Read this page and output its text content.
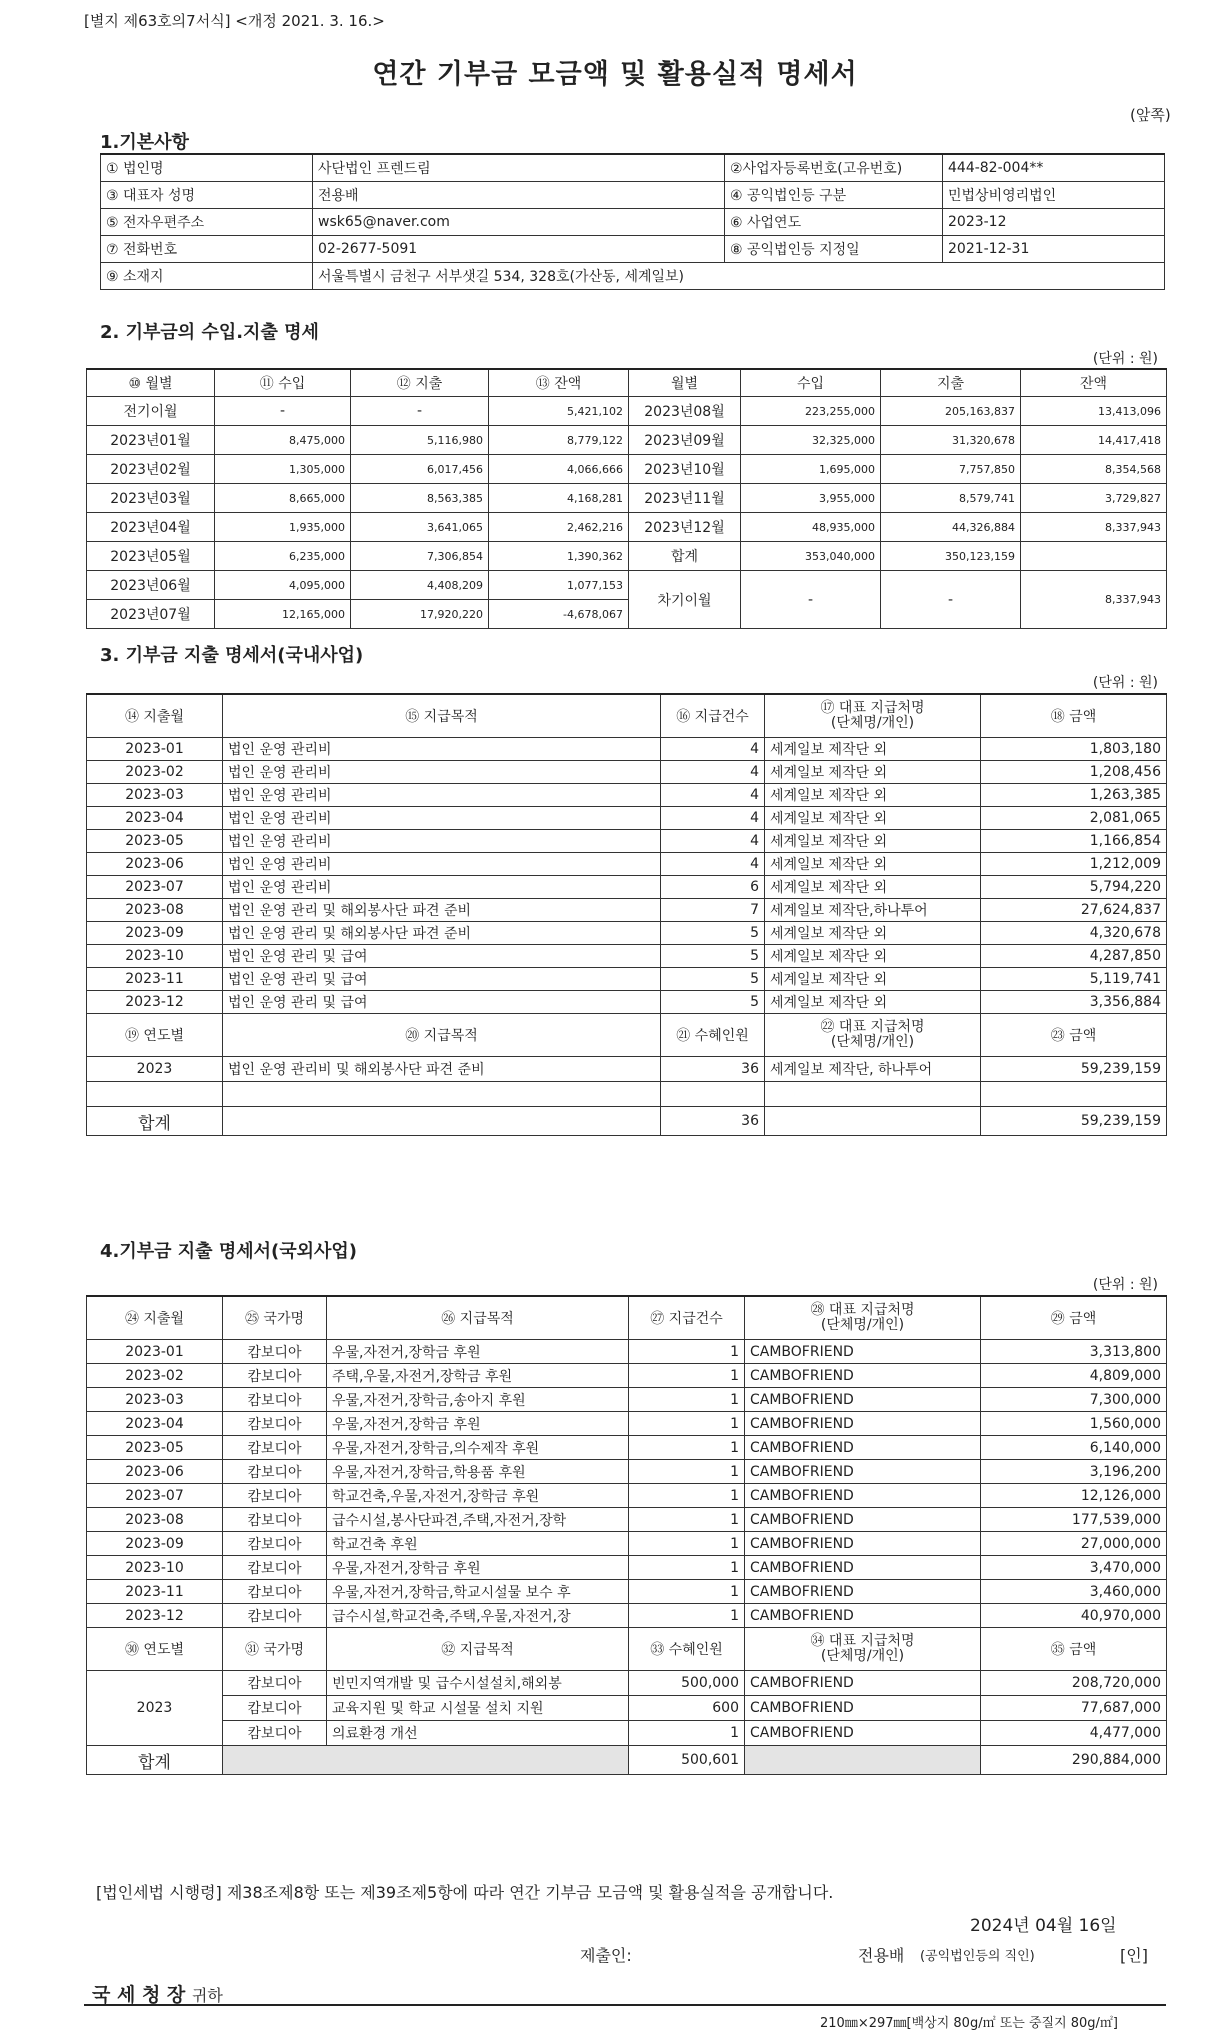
[별지 제63호의7서식] <개정 2021. 3. 16.>
연간 기부금 모금액 및 활용실적 명세서
(앞쪽)
1.기본사항
① 법인명	사단법인 프렌드림	②사업자등록번호(고유번호)	444-82-004**
③ 대표자 성명	전용배	④ 공익법인등 구분	민법상비영리법인
⑤ 전자우편주소	wsk65@naver.com	⑥ 사업연도	2023-12
⑦ 전화번호	02-2677-5091	⑧ 공익법인등 지정일	2021-12-31
⑨ 소재지	서울특별시 금천구 서부샛길 534, 328호(가산동, 세계일보)		
2. 기부금의 수입.지출 명세
(단위 : 원)
⑩ 월별	⑪ 수입	⑫ 지출	⑬ 잔액	월별	수입	지출	잔액
전기이월	-	-	5,421,102	2023년08월	223,255,000	205,163,837	13,413,096
2023년01월	8,475,000	5,116,980	8,779,122	2023년09월	32,325,000	31,320,678	14,417,418
2023년02월	1,305,000	6,017,456	4,066,666	2023년10월	1,695,000	7,757,850	8,354,568
2023년03월	8,665,000	8,563,385	4,168,281	2023년11월	3,955,000	8,579,741	3,729,827
2023년04월	1,935,000	3,641,065	2,462,216	2023년12월	48,935,000	44,326,884	8,337,943
2023년05월	6,235,000	7,306,854	1,390,362	합계	353,040,000	350,123,159	
2023년06월	4,095,000	4,408,209	1,077,153	차기이월	-	-	8,337,943
2023년07월	12,165,000	17,920,220	-4,678,067				
3. 기부금 지출 명세서(국내사업)
(단위 : 원)
⑭ 지출월	⑮ 지급목적	⑯ 지급건수	⑰ 대표 지급처명
(단체명/개인)	⑱ 금액
2023-01	법인 운영 관리비	4	세계일보 제작단 외	1,803,180
2023-02	법인 운영 관리비	4	세계일보 제작단 외	1,208,456
2023-03	법인 운영 관리비	4	세계일보 제작단 외	1,263,385
2023-04	법인 운영 관리비	4	세계일보 제작단 외	2,081,065
2023-05	법인 운영 관리비	4	세계일보 제작단 외	1,166,854
2023-06	법인 운영 관리비	4	세계일보 제작단 외	1,212,009
2023-07	법인 운영 관리비	6	세계일보 제작단 외	5,794,220
2023-08	법인 운영 관리 및 해외봉사단 파견 준비	7	세계일보 제작단,하나투어	27,624,837
2023-09	법인 운영 관리 및 해외봉사단 파견 준비	5	세계일보 제작단 외	4,320,678
2023-10	법인 운영 관리 및 급여	5	세계일보 제작단 외	4,287,850
2023-11	법인 운영 관리 및 급여	5	세계일보 제작단 외	5,119,741
2023-12	법인 운영 관리 및 급여	5	세계일보 제작단 외	3,356,884
⑲ 연도별	⑳ 지급목적	㉑ 수혜인원	㉒ 대표 지급처명
(단체명/개인)	㉓ 금액
2023	법인 운영 관리비 및 해외봉사단 파견 준비	36	세계일보 제작단, 하나투어	59,239,159

합계		36		59,239,159
4.기부금 지출 명세서(국외사업)
(단위 : 원)
㉔ 지출월	㉕ 국가명	㉖ 지급목적	㉗ 지급건수	㉘ 대표 지급처명
(단체명/개인)	㉙ 금액
2023-01	캄보디아	우물,자전거,장학금 후원	1	CAMBOFRIEND	3,313,800
2023-02	캄보디아	주택,우물,자전거,장학금 후원	1	CAMBOFRIEND	4,809,000
2023-03	캄보디아	우물,자전거,장학금,송아지 후원	1	CAMBOFRIEND	7,300,000
2023-04	캄보디아	우물,자전거,장학금 후원	1	CAMBOFRIEND	1,560,000
2023-05	캄보디아	우물,자전거,장학금,의수제작 후원	1	CAMBOFRIEND	6,140,000
2023-06	캄보디아	우물,자전거,장학금,학용품 후원	1	CAMBOFRIEND	3,196,200
2023-07	캄보디아	학교건축,우물,자전거,장학금 후원	1	CAMBOFRIEND	12,126,000
2023-08	캄보디아	급수시설,봉사단파견,주택,자전거,장학	1	CAMBOFRIEND	177,539,000
2023-09	캄보디아	학교건축 후원	1	CAMBOFRIEND	27,000,000
2023-10	캄보디아	우물,자전거,장학금 후원	1	CAMBOFRIEND	3,470,000
2023-11	캄보디아	우물,자전거,장학금,학교시설물 보수 후	1	CAMBOFRIEND	3,460,000
2023-12	캄보디아	급수시설,학교건축,주택,우물,자전거,장	1	CAMBOFRIEND	40,970,000
㉚ 연도별	㉛ 국가명	㉜ 지급목적	㉝ 수혜인원	㉞ 대표 지급처명
(단체명/개인)	㉟ 금액
2023	캄보디아	빈민지역개발 및 급수시설설치,해외봉	500,000	CAMBOFRIEND	208,720,000
	캄보디아	교육지원 및 학교 시설물 설치 지원	600	CAMBOFRIEND	77,687,000
	캄보디아	의료환경 개선	1	CAMBOFRIEND	4,477,000
합계			500,601		290,884,000
[법인세법 시행령] 제38조제8항 또는 제39조제5항에 따라 연간 기부금 모금액 및 활용실적을 공개합니다.
2024년 04월 16일
제출인:	전용배 (공익법인등의 직인)	[인]
국 세 청 장 귀하
210㎜×297㎜[백상지 80g/㎡ 또는 중질지 80g/㎡]
